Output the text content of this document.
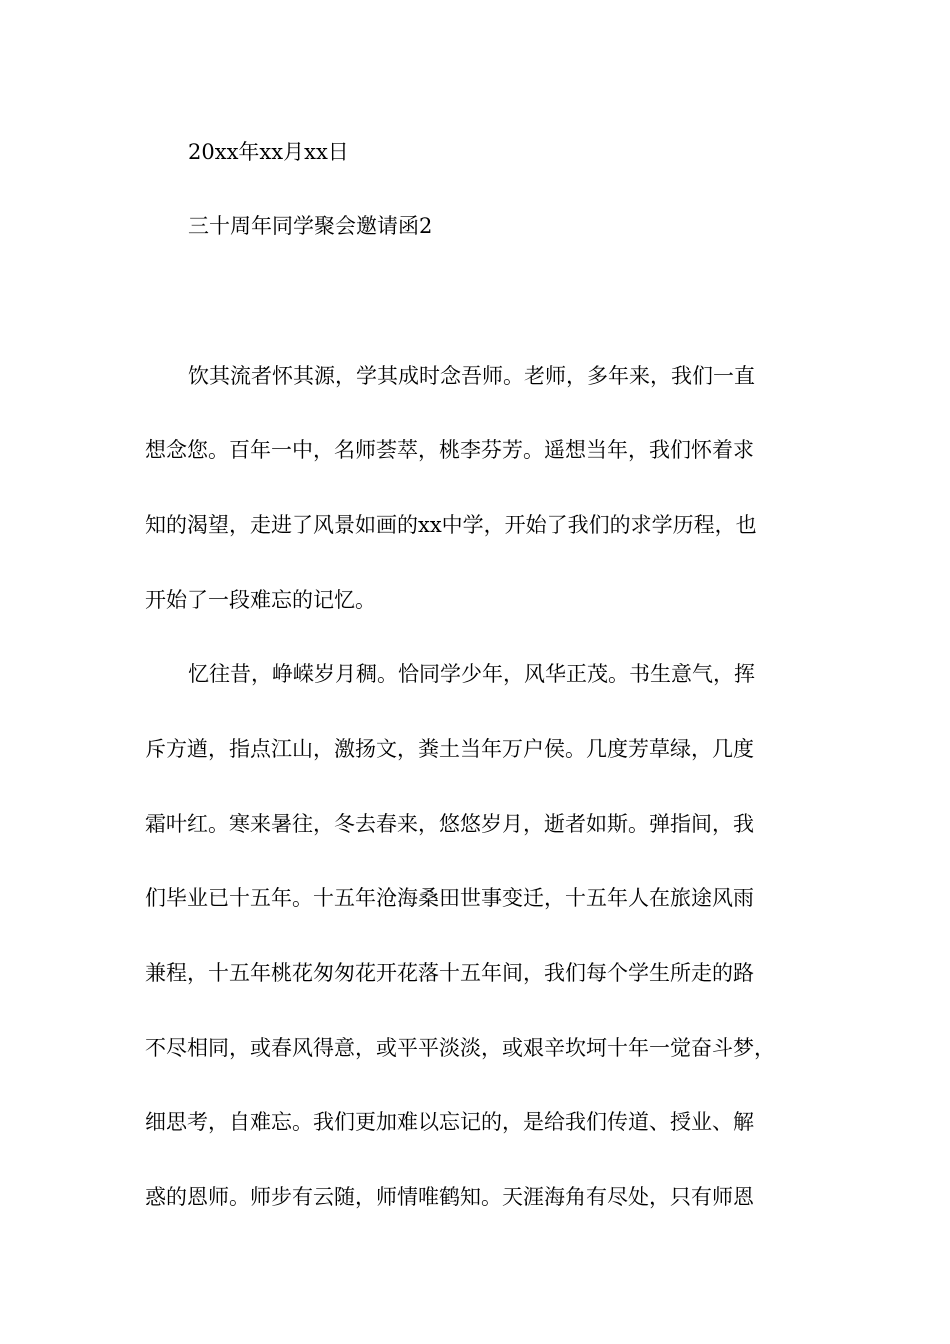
20xx年xx月xx日

三十周年同学聚会邀请函2

饮其流者怀其源，学其成时念吾师。老师，多年来，我们一直

想念您。百年一中，名师荟萃，桃李芬芳。遥想当年，我们怀着求

知的渴望，走进了风景如画的xx中学，开始了我们的求学历程，也

开始了一段难忘的记忆。

忆往昔，峥嵘岁月稠。恰同学少年，风华正茂。书生意气，挥

斥方遒，指点江山，激扬文，粪土当年万户侯。几度芳草绿，几度

霜叶红。寒来暑往，冬去春来，悠悠岁月，逝者如斯。弹指间，我

们毕业已十五年。十五年沧海桑田世事变迁，十五年人在旅途风雨

兼程，十五年桃花匆匆花开花落十五年间，我们每个学生所走的路

不尽相同，或春风得意，或平平淡淡，或艰辛坎坷十年一觉奋斗梦，

细思考，自难忘。我们更加难以忘记的，是给我们传道、授业、解

惑的恩师。师步有云随，师情唯鹤知。天涯海角有尽处，只有师恩
